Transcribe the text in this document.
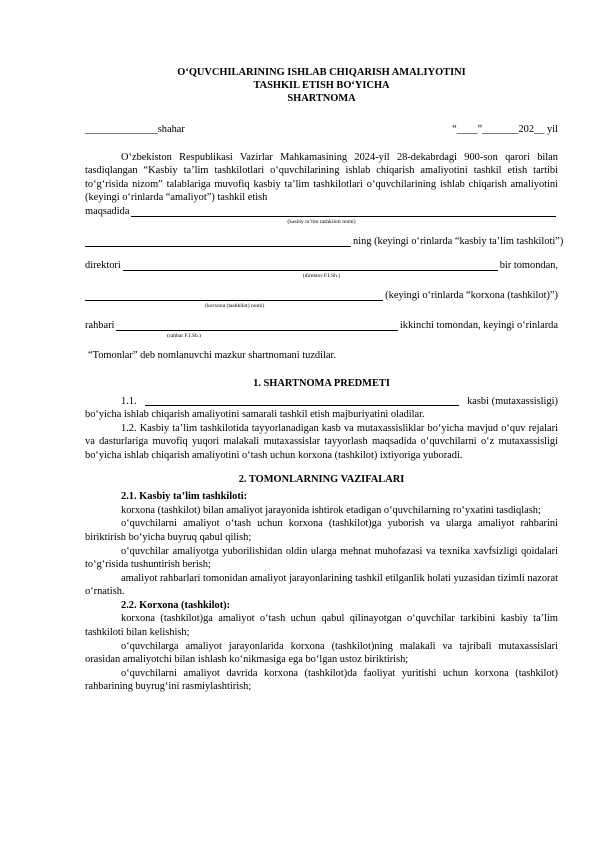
O‘QUVCHILARINING ISHLAB CHIQARISH AMALIYOTINI

TASHKIL ETISH BO‘YICHA

SHARTNOMA

______________shahar	“____”_______202__ yil

O‘zbekiston Respublikasi Vazirlar Mahkamasining 2024-yil 28-dekabrdagi 900-son qarori bilan tasdiqlangan “Kasbiy ta’lim tashkilotlari o‘quvchilarining ishlab chiqarish amaliyotini tashkil etish tartibi to‘g‘risida nizom” talablariga muvofiq kasbiy ta’lim tashkilotlari o‘quvchilarining ishlab chiqarish amaliyotini (keyingi o‘rinlarda “amaliyot”) tashkil etish

maqsadida

(kasbiy ta’lim tashkiloti nomi)

ning (keyingi o‘rinlarda “kasbiy ta’lim tashkiloti”)
direktori	bir tomondan,

(direktor F.I.Sh.)

(keyingi o‘rinlarda “korxona (tashkilot)”)

(korxona (tashkilot) nomi)

rahbari	ikkinchi tomondan, keyingi o‘rinlarda

(rahbar F.I.Sh.)

“Tomonlar” deb nomlanuvchi mazkur shartnomani tuzdilar.

1. SHARTNOMA PREDMETI

1.1.	kasbi (mutaxassisligi)

bo‘yicha ishlab chiqarish amaliyotini samarali tashkil etish majburiyatini oladilar.

1.2. Kasbiy ta’lim tashkilotida tayyorlanadigan kasb va mutaxassisliklar bo‘yicha mavjud o‘quv rejalari va dasturlariga muvofiq yuqori malakali mutaxassislar tayyorlash maqsadida o‘quvchilarni o‘z mutaxassisligi bo‘yicha ishlab chiqarish amaliyotini o‘tash uchun korxona (tashkilot) ixtiyoriga yuboradi.

2. TOMONLARNING VAZIFALARI

2.1. Kasbiy ta’lim tashkiloti:

korxona (tashkilot) bilan amaliyot jarayonida ishtirok etadigan o‘quvchilarning ro‘yxatini tasdiqlash;

o‘quvchilarni amaliyot o‘tash uchun korxona (tashkilot)ga yuborish va ularga amaliyot rahbarini biriktirish bo‘yicha buyruq qabul qilish;

o‘quvchilar amaliyotga yuborilishidan oldin ularga mehnat muhofazasi va texnika xavfsizligi qoidalari to‘g‘risida tushuntirish berish;

amaliyot rahbarlari tomonidan amaliyot jarayonlarining tashkil etilganlik holati yuzasidan tizimli nazorat o‘rnatish.

2.2. Korxona (tashkilot):

korxona (tashkilot)ga amaliyot o‘tash uchun qabul qilinayotgan o‘quvchilar tarkibini kasbiy ta’lim tashkiloti bilan kelishish;

o‘quvchilarga amaliyot jarayonlarida korxona (tashkilot)ning malakali va tajribali mutaxassislari orasidan amaliyotchi bilan ishlash ko‘nikmasiga ega bo‘lgan ustoz biriktirish;

o‘quvchilarni amaliyot davrida korxona (tashkilot)da faoliyat yuritishi uchun korxona (tashkilot) rahbarining buyrug‘ini rasmiylashtirish;
